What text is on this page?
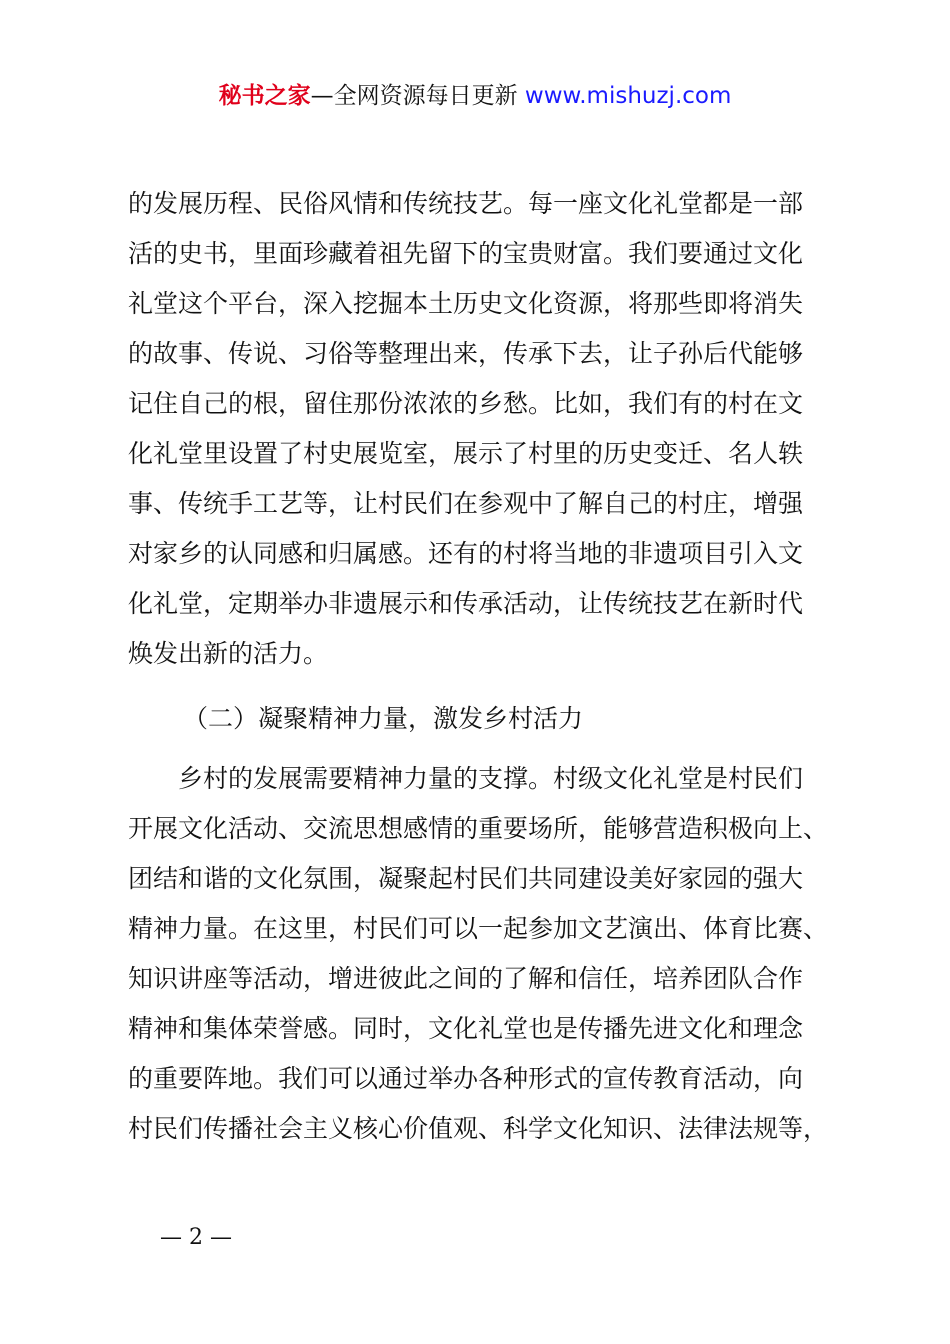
秘书之家—全网资源每日更新 www.mishuzj.com
的发展历程、民俗风情和传统技艺。每一座文化礼堂都是一部
活的史书，里面珍藏着祖先留下的宝贵财富。我们要通过文化
礼堂这个平台，深入挖掘本土历史文化资源，将那些即将消失
的故事、传说、习俗等整理出来，传承下去，让子孙后代能够
记住自己的根，留住那份浓浓的乡愁。比如，我们有的村在文
化礼堂里设置了村史展览室，展示了村里的历史变迁、名人轶
事、传统手工艺等，让村民们在参观中了解自己的村庄，增强
对家乡的认同感和归属感。还有的村将当地的非遗项目引入文
化礼堂，定期举办非遗展示和传承活动，让传统技艺在新时代
焕发出新的活力。
（二）凝聚精神力量，激发乡村活力
乡村的发展需要精神力量的支撑。村级文化礼堂是村民们
开展文化活动、交流思想感情的重要场所，能够营造积极向上、
团结和谐的文化氛围，凝聚起村民们共同建设美好家园的强大
精神力量。在这里，村民们可以一起参加文艺演出、体育比赛、
知识讲座等活动，增进彼此之间的了解和信任，培养团队合作
精神和集体荣誉感。同时，文化礼堂也是传播先进文化和理念
的重要阵地。我们可以通过举办各种形式的宣传教育活动，向
村民们传播社会主义核心价值观、科学文化知识、法律法规等，
— 2 —
